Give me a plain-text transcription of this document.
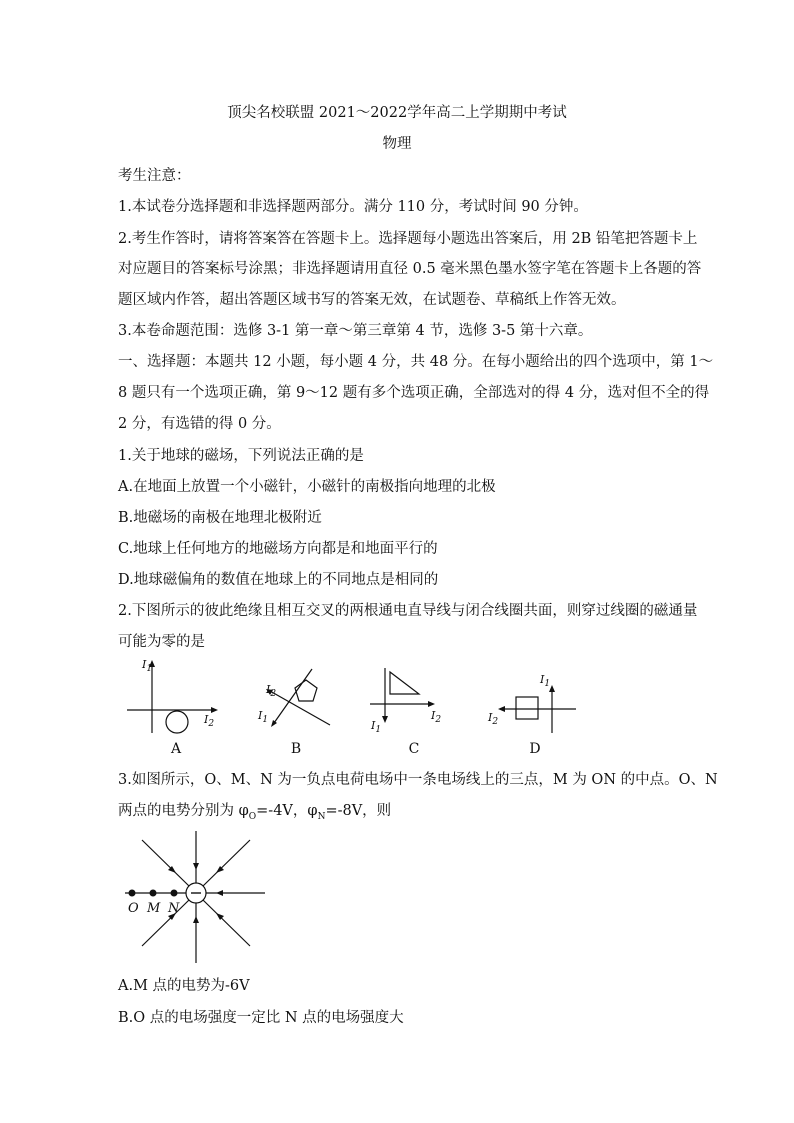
顶尖名校联盟 2021～2022学年高二上学期期中考试
物理
考生注意：
1.本试卷分选择题和非选择题两部分。满分 110 分，考试时间 90 分钟。
2.考生作答时，请将答案答在答题卡上。选择题每小题选出答案后，用 2B 铅笔把答题卡上
对应题目的答案标号涂黑；非选择题请用直径 0.5 毫米黑色墨水签字笔在答题卡上各题的答
题区域内作答，超出答题区域书写的答案无效，在试题卷、草稿纸上作答无效。
3.本卷命题范围：选修 3-1 第一章～第三章第 4 节，选修 3-5 第十六章。
一、选择题：本题共 12 小题，每小题 4 分，共 48 分。在每小题给出的四个选项中，第 1～
8 题只有一个选项正确，第 9～12 题有多个选项正确，全部选对的得 4 分，选对但不全的得
2 分，有选错的得 0 分。
1.关于地球的磁场，下列说法正确的是
A.在地面上放置一个小磁针，小磁针的南极指向地理的北极
B.地磁场的南极在地理北极附近
C.地球上任何地方的地磁场方向都是和地面平行的
D.地球磁偏角的数值在地球上的不同地点是相同的
2.下图所示的彼此绝缘且相互交叉的两根通电直导线与闭合线圈共面，则穿过线圈的磁通量
可能为零的是
$I_1$
$I_2$
A
$I_2$
$I_1$
B
$I_2$
$I_1$
C
$I_1$
$I_2$
D
3.如图所示，O、M、N 为一负点电荷电场中一条电场线上的三点，M 为 ON 的中点。O、N
两点的电势分别为 $\varphi_O=-4V$，$\varphi_N=-8V$，则
O M N
A.M 点的电势为-6V
B.O 点的电场强度一定比 N 点的电场强度大
